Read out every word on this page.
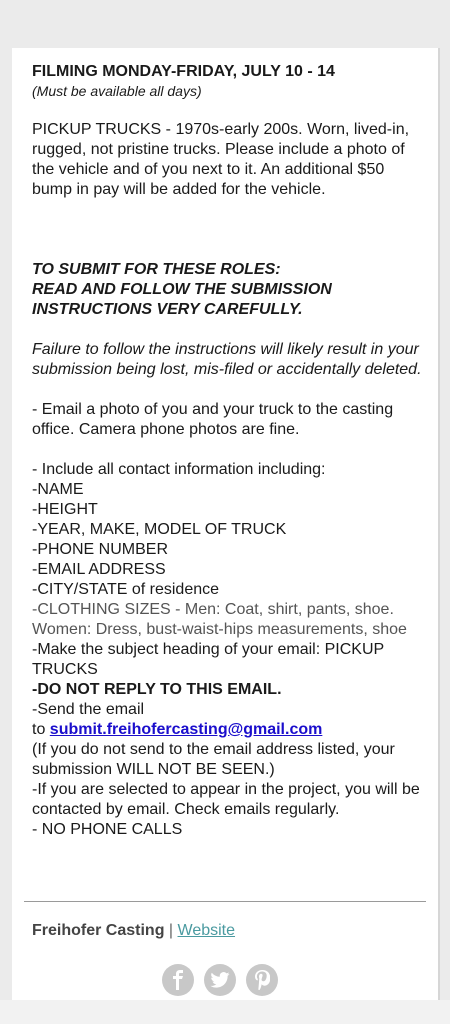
FILMING MONDAY-FRIDAY, JULY 10 - 14

(Must be available all days)

PICKUP TRUCKS - 1970s-early 200s. Worn, lived-in, rugged, not pristine trucks. Please include a photo of the vehicle and of you next to it. An additional $50 bump in pay will be added for the vehicle.

TO SUBMIT FOR THESE ROLES:

READ AND FOLLOW THE SUBMISSION INSTRUCTIONS VERY CAREFULLY.

Failure to follow the instructions will likely result in your submission being lost, mis-filed or accidentally deleted.

- Email a photo of you and your truck to the casting office. Camera phone photos are fine.

- Include all contact information including:

-NAME

-HEIGHT

-YEAR, MAKE, MODEL OF TRUCK

-PHONE NUMBER

-EMAIL ADDRESS

-CITY/STATE of residence

-CLOTHING SIZES - Men: Coat, shirt, pants, shoe. Women: Dress, bust-waist-hips measurements, shoe

-Make the subject heading of your email: PICKUP TRUCKS

-DO NOT REPLY TO THIS EMAIL.

-Send the email

to submit.freihofercasting@gmail.com

(If you do not send to the email address listed, your submission WILL NOT BE SEEN.)

-If you are selected to appear in the project, you will be contacted by email. Check emails regularly.

- NO PHONE CALLS

Freihofer Casting | Website
